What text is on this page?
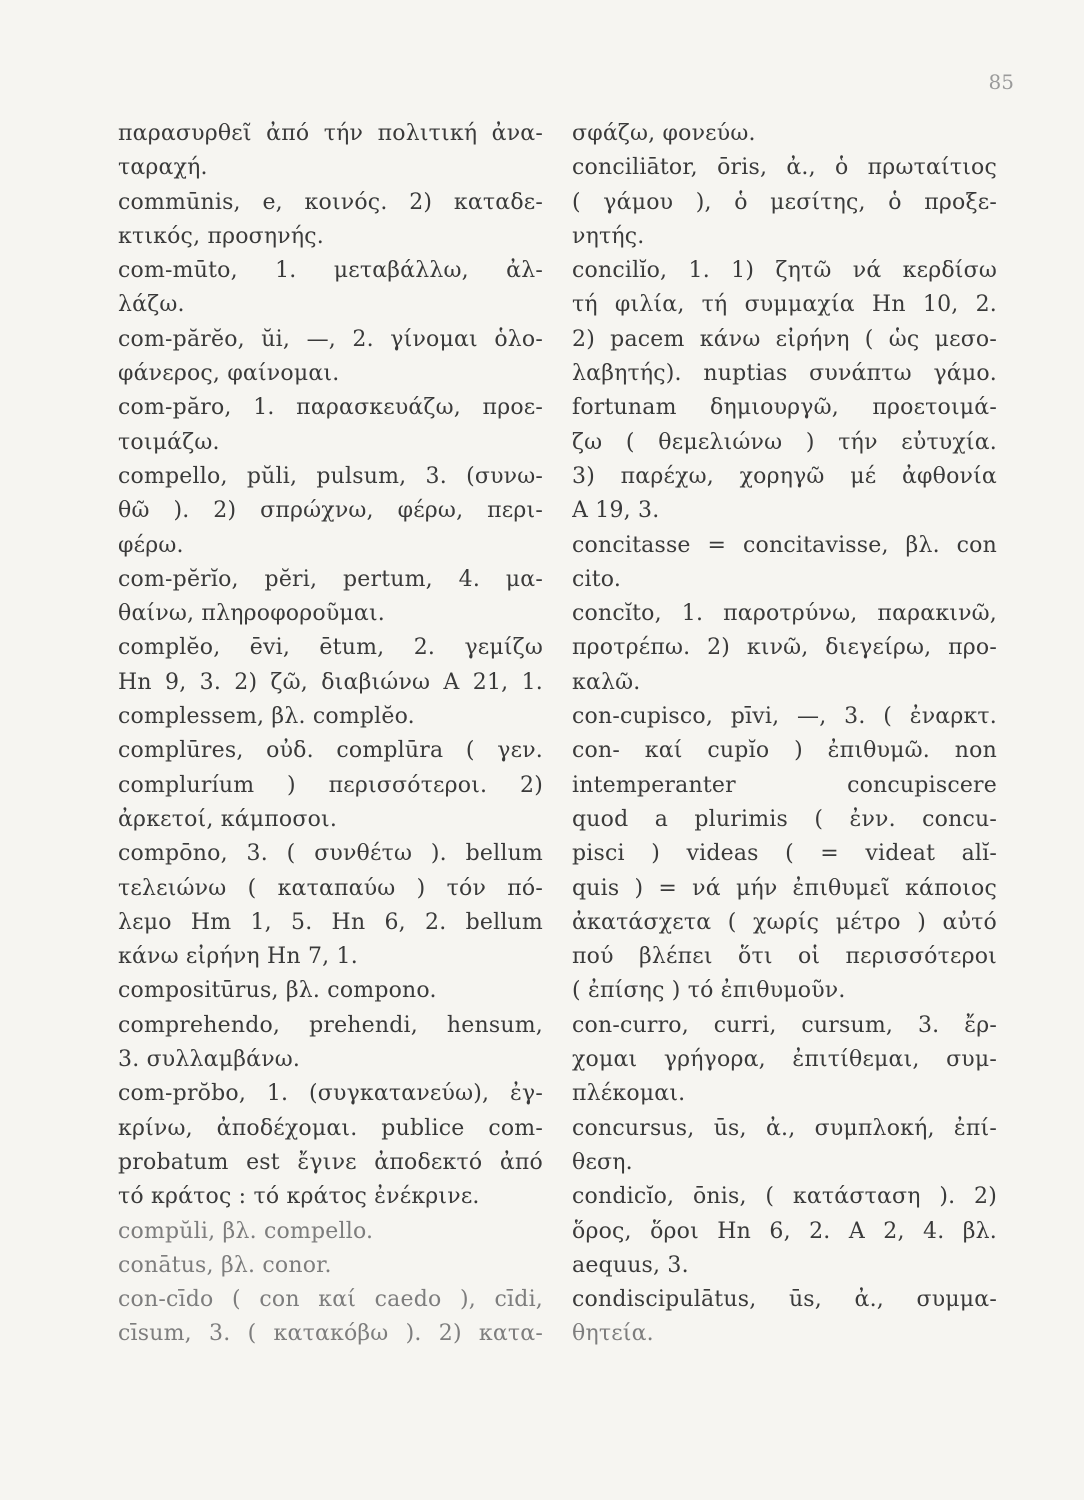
85
παρασυρθεῖ ἀπό τήν πολιτική ἀνα-
ταραχή.
commūnis, e, κοινός. 2) καταδε-
κτικός, προσηνής.
com-mūto, 1. μεταβάλλω, ἀλ-
λάζω.
com-părĕo, ŭi, —, 2. γίνομαι ὁλο-
φάνερος, φαίνομαι.
com-păro, 1. παρασκευάζω, προε-
τοιμάζω.
compello, pŭli, pulsum, 3. (συνω-
θῶ ). 2) σπρώχνω, φέρω, περι-
φέρω.
com-pĕrĭo, pĕri, pertum, 4. μα-
θαίνω, πληροφοροῦμαι.
complĕo, ēvi, ētum, 2. γεμίζω
Hn 9, 3. 2) ζῶ, διαβιώνω A 21, 1.
complessem, βλ. complĕo.
complūres, οὐδ. complūra ( γεν.
compluríum ) περισσότεροι. 2)
ἀρκετοί, κάμποσοι.
compōno, 3. ( συνθέτω ). bellum
τελειώνω ( καταπαύω ) τόν πό-
λεμο Hm 1, 5. Hn 6, 2. bellum
κάνω εἰρήνη Hn 7, 1.
compositūrus, βλ. compono.
comprehendo, prehendi, hensum,
3. συλλαμβάνω.
com-prŏbo, 1. (συγκατανεύω), ἐγ-
κρίνω, ἀποδέχομαι. publice com-
probatum est ἔγινε ἀποδεκτό ἀπό
τό κράτος : τό κράτος ἐνέκρινε.
compŭli, βλ. compello.
conātus, βλ. conor.
con-cīdo ( con καί caedo ), cīdi,
cīsum, 3. ( κατακόβω ). 2) κατα-
σφάζω, φονεύω.
conciliātor, ōris, ἀ., ὁ πρωταίτιος
( γάμου ), ὁ μεσίτης, ὁ προξε-
νητής.
concilĭo, 1. 1) ζητῶ νά κερδίσω
τή φιλία, τή συμμαχία Hn 10, 2.
2) pacem κάνω εἰρήνη ( ὡς μεσο-
λαβητής). nuptias συνάπτω γάμο.
fortunam δημιουργῶ, προετοιμά-
ζω ( θεμελιώνω ) τήν εὐτυχία.
3) παρέχω, χορηγῶ μέ ἀφθονία
A 19, 3.
concitasse = concitavisse, βλ. con
cito.
concĭto, 1. παροτρύνω, παρακινῶ,
προτρέπω. 2) κινῶ, διεγείρω, προ-
καλῶ.
con-cupisco, pīvi, —, 3. ( ἐναρκτ.
con- καί cupĭo ) ἐπιθυμῶ. non
intemperanter concupiscere
quod a plurimis ( ἐνν. concu-
pisci ) videas ( = videat alĭ-
quis ) = νά μήν ἐπιθυμεῖ κάποιος
ἀκατάσχετα ( χωρίς μέτρο ) αὐτό
πού βλέπει ὅτι οἱ περισσότεροι
( ἐπίσης ) τό ἐπιθυμοῦν.
con-curro, curri, cursum, 3. ἔρ-
χομαι γρήγορα, ἐπιτίθεμαι, συμ-
πλέκομαι.
concursus, ūs, ἀ., συμπλοκή, ἐπί-
θεση.
condicĭo, ōnis, ( κατάσταση ). 2)
ὅρος, ὅροι Hn 6, 2. A 2, 4. βλ.
aequus, 3.
condiscipulātus, ūs, ἀ., συμμα-
θητεία.
